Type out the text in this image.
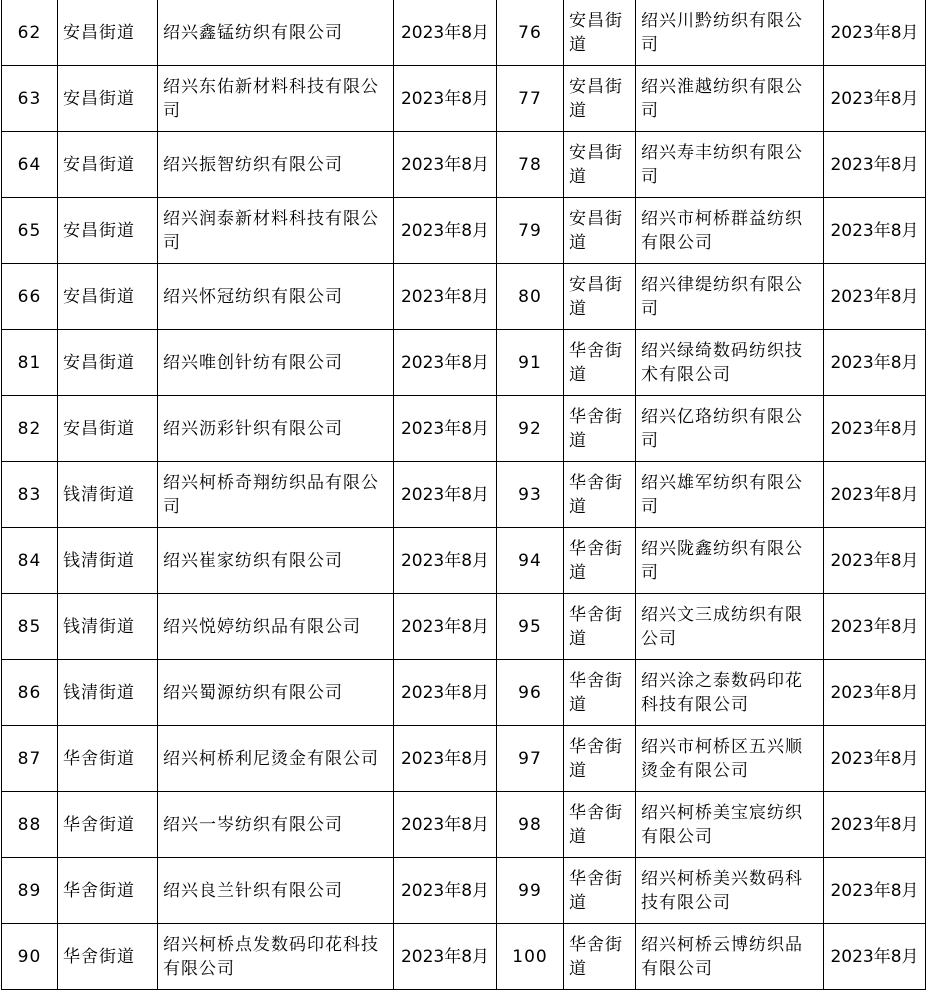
62	安昌街道	绍兴鑫锰纺织有限公司	2023年8月	76	安昌街道	绍兴川黔纺织有限公司	2023年8月
63	安昌街道	绍兴东佑新材料科技有限公司	2023年8月	77	安昌街道	绍兴淮越纺织有限公司	2023年8月
64	安昌街道	绍兴振智纺织有限公司	2023年8月	78	安昌街道	绍兴寿丰纺织有限公司	2023年8月
65	安昌街道	绍兴润泰新材料科技有限公司	2023年8月	79	安昌街道	绍兴市柯桥群益纺织有限公司	2023年8月
66	安昌街道	绍兴怀冠纺织有限公司	2023年8月	80	安昌街道	绍兴律缇纺织有限公司	2023年8月
81	安昌街道	绍兴唯创针纺有限公司	2023年8月	91	华舍街道	绍兴绿绮数码纺织技术有限公司	2023年8月
82	安昌街道	绍兴沥彩针织有限公司	2023年8月	92	华舍街道	绍兴亿珞纺织有限公司	2023年8月
83	钱清街道	绍兴柯桥奇翔纺织品有限公司	2023年8月	93	华舍街道	绍兴雄军纺织有限公司	2023年8月
84	钱清街道	绍兴崔家纺织有限公司	2023年8月	94	华舍街道	绍兴陇鑫纺织有限公司	2023年8月
85	钱清街道	绍兴悦婷纺织品有限公司	2023年8月	95	华舍街道	绍兴文三成纺织有限公司	2023年8月
86	钱清街道	绍兴蜀源纺织有限公司	2023年8月	96	华舍街道	绍兴涂之泰数码印花科技有限公司	2023年8月
87	华舍街道	绍兴柯桥利尼烫金有限公司	2023年8月	97	华舍街道	绍兴市柯桥区五兴顺烫金有限公司	2023年8月
88	华舍街道	绍兴一岑纺织有限公司	2023年8月	98	华舍街道	绍兴柯桥美宝宸纺织有限公司	2023年8月
89	华舍街道	绍兴良兰针织有限公司	2023年8月	99	华舍街道	绍兴柯桥美兴数码科技有限公司	2023年8月
90	华舍街道	绍兴柯桥点发数码印花科技有限公司	2023年8月	100	华舍街道	绍兴柯桥云博纺织品有限公司	2023年8月
